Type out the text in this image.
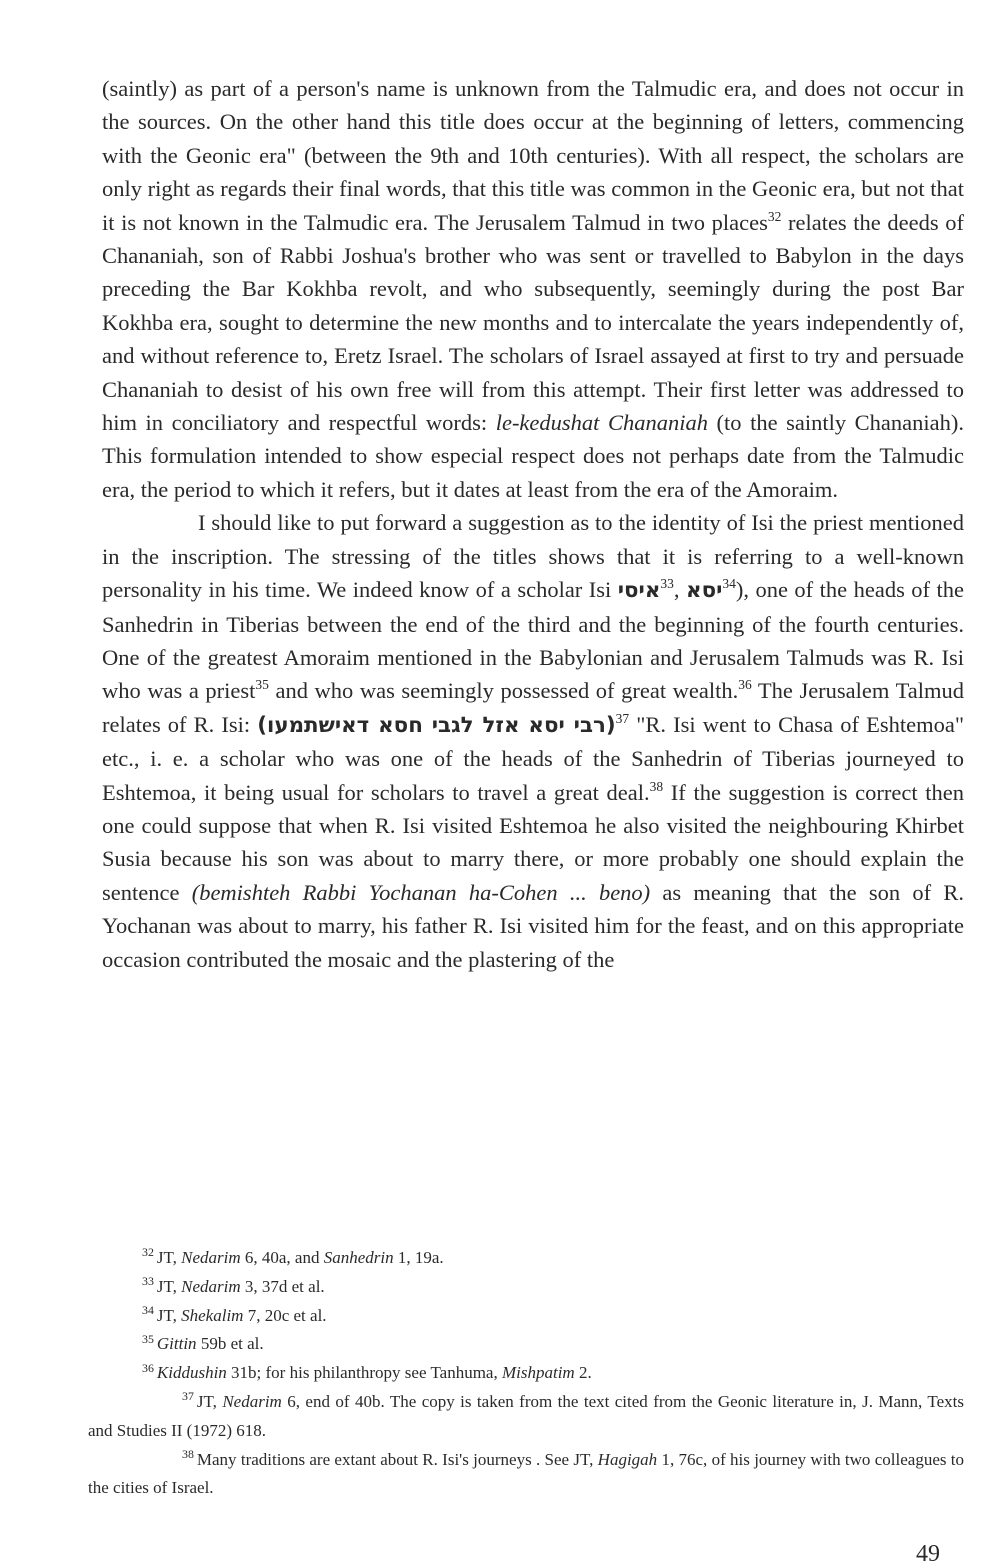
(saintly) as part of a person's name is unknown from the Talmudic era, and does not occur in the sources. On the other hand this title does occur at the beginning of letters, commencing with the Geonic era" (between the 9th and 10th centuries). With all respect, the scholars are only right as regards their final words, that this title was common in the Geonic era, but not that it is not known in the Talmudic era. The Jerusalem Talmud in two places$^{32}$ relates the deeds of Chananiah, son of Rabbi Joshua's brother who was sent or travelled to Babylon in the days preceding the Bar Kokhba revolt, and who subsequently, seemingly during the post Bar Kokhba era, sought to determine the new months and to intercalate the years independently of, and without reference to, Eretz Israel. The scholars of Israel assayed at first to try and persuade Chananiah to desist of his own free will from this attempt. Their first letter was addressed to him in conciliatory and respectful words: le-kedushat Chananiah (to the saintly Chananiah). This formulation intended to show especial respect does not perhaps date from the Talmudic era, the period to which it refers, but it dates at least from the era of the Amoraim.

I should like to put forward a suggestion as to the identity of Isi the priest mentioned in the inscription. The stressing of the titles shows that it is referring to a well-known personality in his time. We indeed know of a scholar Isi איסי$^{33}$, יסא$^{34}$), one of the heads of the Sanhedrin in Tiberias between the end of the third and the beginning of the fourth centuries. One of the greatest Amoraim mentioned in the Babylonian and Jerusalem Talmuds was R. Isi who was a priest$^{35}$ and who was seemingly possessed of great wealth.$^{36}$ The Jerusalem Talmud relates of R. Isi: (רבי יסא אזל לגבי חסא דאישתמעו)$^{37}$ "R. Isi went to Chasa of Eshtemoa" etc., i. e. a scholar who was one of the heads of the Sanhedrin of Tiberias journeyed to Eshtemoa, it being usual for scholars to travel a great deal.$^{38}$ If the suggestion is correct then one could suppose that when R. Isi visited Eshtemoa he also visited the neighbouring Khirbet Susia because his son was about to marry there, or more probably one should explain the sentence (bemishteh Rabbi Yochanan ha-Cohen ... beno) as meaning that the son of R. Yochanan was about to marry, his father R. Isi visited him for the feast, and on this appropriate occasion contributed the mosaic and the plastering of the

$^{32}$ JT, Nedarim 6, 40a, and Sanhedrin 1, 19a.

$^{33}$ JT, Nedarim 3, 37d et al.

$^{34}$ JT, Shekalim 7, 20c et al.

$^{35}$ Gittin 59b et al.

$^{36}$ Kiddushin 31b; for his philanthropy see Tanhuma, Mishpatim 2.

$^{37}$ JT, Nedarim 6, end of 40b. The copy is taken from the text cited from the Geonic literature in, J. Mann, Texts and Studies II (1972) 618.

$^{38}$ Many traditions are extant about R. Isi's journeys . See JT, Hagigah 1, 76c, of his journey with two colleagues to the cities of Israel.

49
